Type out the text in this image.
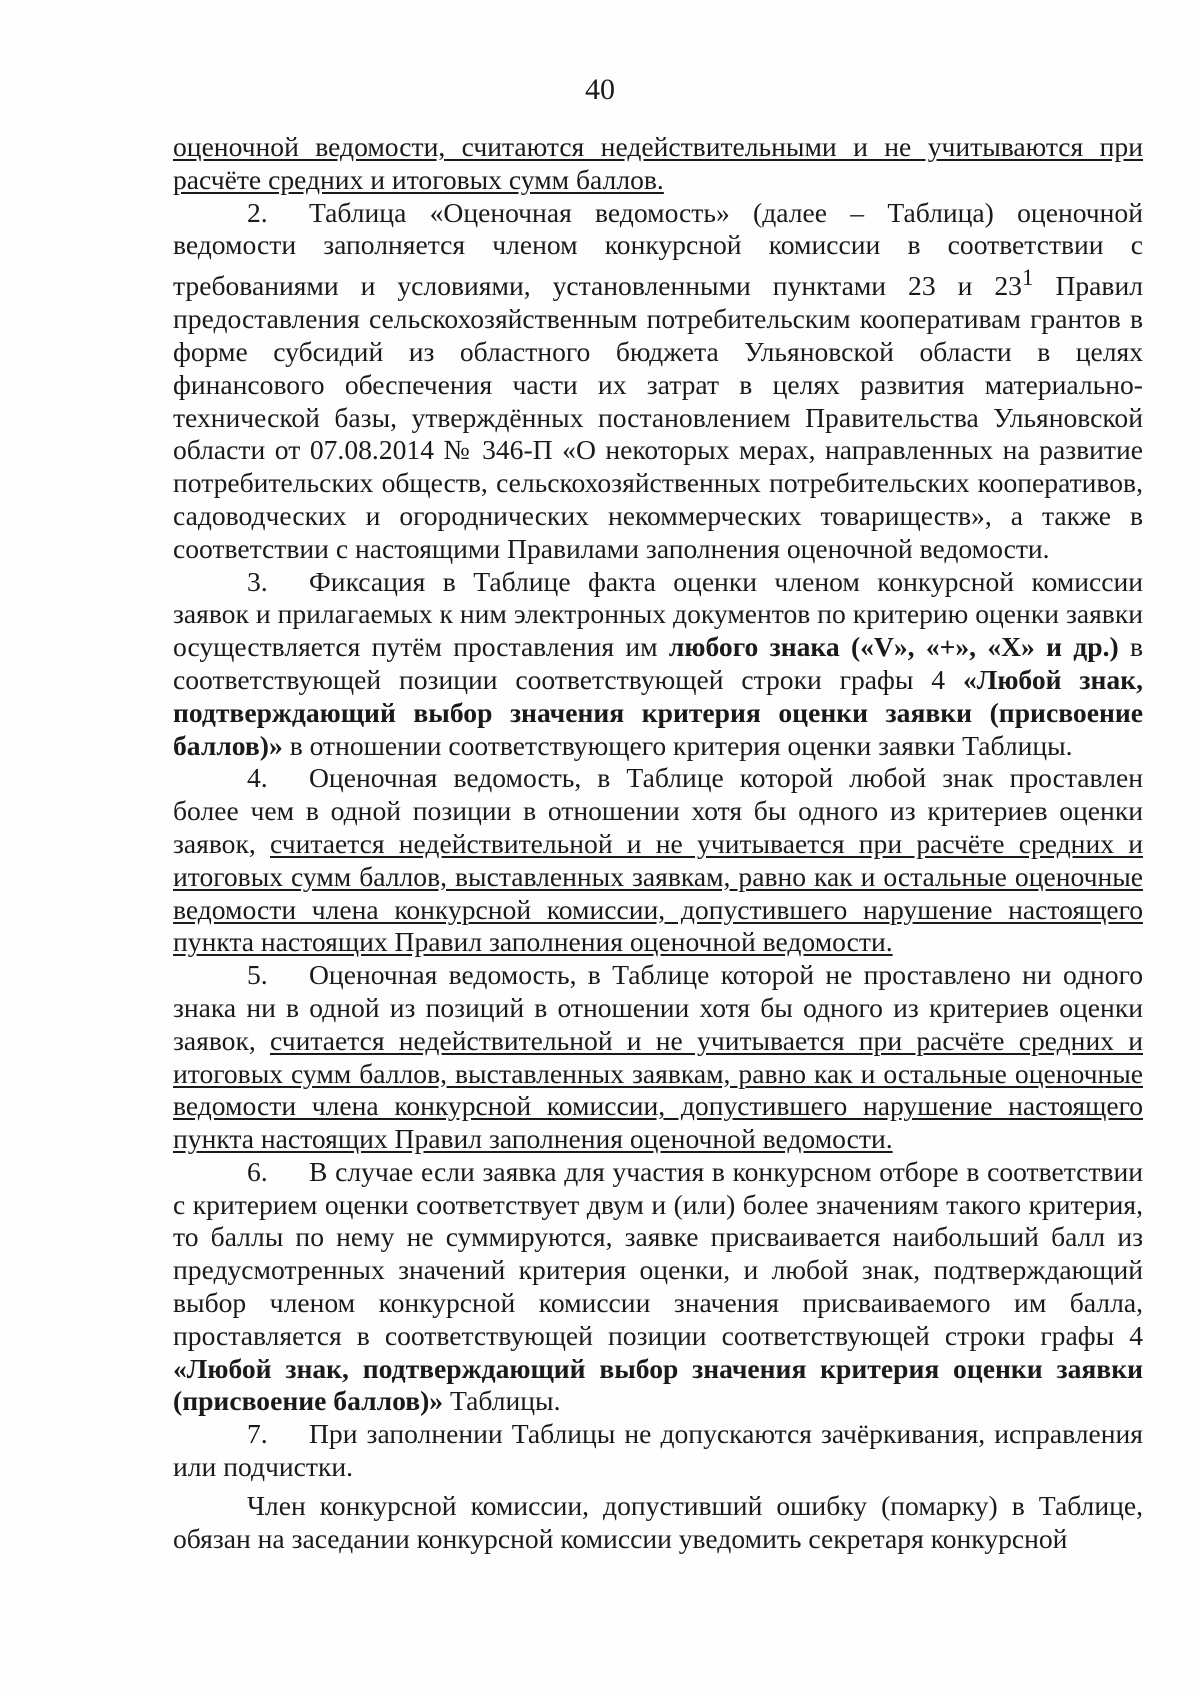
40

оценочной ведомости, считаются недействительными и не учитываются при расчёте средних и итоговых сумм баллов.

2. Таблица «Оценочная ведомость» (далее – Таблица) оценочной ведомости заполняется членом конкурсной комиссии в соответствии с требованиями и условиями, установленными пунктами 23 и $23^1$ Правил предоставления сельскохозяйственным потребительским кооперативам грантов в форме субсидий из областного бюджета Ульяновской области в целях финансового обеспечения части их затрат в целях развития материально-технической базы, утверждённых постановлением Правительства Ульяновской области от 07.08.2014 № 346-П «О некоторых мерах, направленных на развитие потребительских обществ, сельскохозяйственных потребительских кооперативов, садоводческих и огороднических некоммерческих товариществ», а также в соответствии с настоящими Правилами заполнения оценочной ведомости.

3. Фиксация в Таблице факта оценки членом конкурсной комиссии заявок и прилагаемых к ним электронных документов по критерию оценки заявки осуществляется путём проставления им любого знака («V», «+», «X» и др.) в соответствующей позиции соответствующей строки графы 4 «Любой знак, подтверждающий выбор значения критерия оценки заявки (присвоение баллов)» в отношении соответствующего критерия оценки заявки Таблицы.

4. Оценочная ведомость, в Таблице которой любой знак проставлен более чем в одной позиции в отношении хотя бы одного из критериев оценки заявок, считается недействительной и не учитывается при расчёте средних и итоговых сумм баллов, выставленных заявкам, равно как и остальные оценочные ведомости члена конкурсной комиссии, допустившего нарушение настоящего пункта настоящих Правил заполнения оценочной ведомости.

5. Оценочная ведомость, в Таблице которой не проставлено ни одного знака ни в одной из позиций в отношении хотя бы одного из критериев оценки заявок, считается недействительной и не учитывается при расчёте средних и итоговых сумм баллов, выставленных заявкам, равно как и остальные оценочные ведомости члена конкурсной комиссии, допустившего нарушение настоящего пункта настоящих Правил заполнения оценочной ведомости.

6. В случае если заявка для участия в конкурсном отборе в соответствии с критерием оценки соответствует двум и (или) более значениям такого критерия, то баллы по нему не суммируются, заявке присваивается наибольший балл из предусмотренных значений критерия оценки, и любой знак, подтверждающий выбор членом конкурсной комиссии значения присваиваемого им балла, проставляется в соответствующей позиции соответствующей строки графы 4 «Любой знак, подтверждающий выбор значения критерия оценки заявки (присвоение баллов)» Таблицы.

7. При заполнении Таблицы не допускаются зачёркивания, исправления или подчистки.

Член конкурсной комиссии, допустивший ошибку (помарку) в Таблице, обязан на заседании конкурсной комиссии уведомить секретаря конкурсной
